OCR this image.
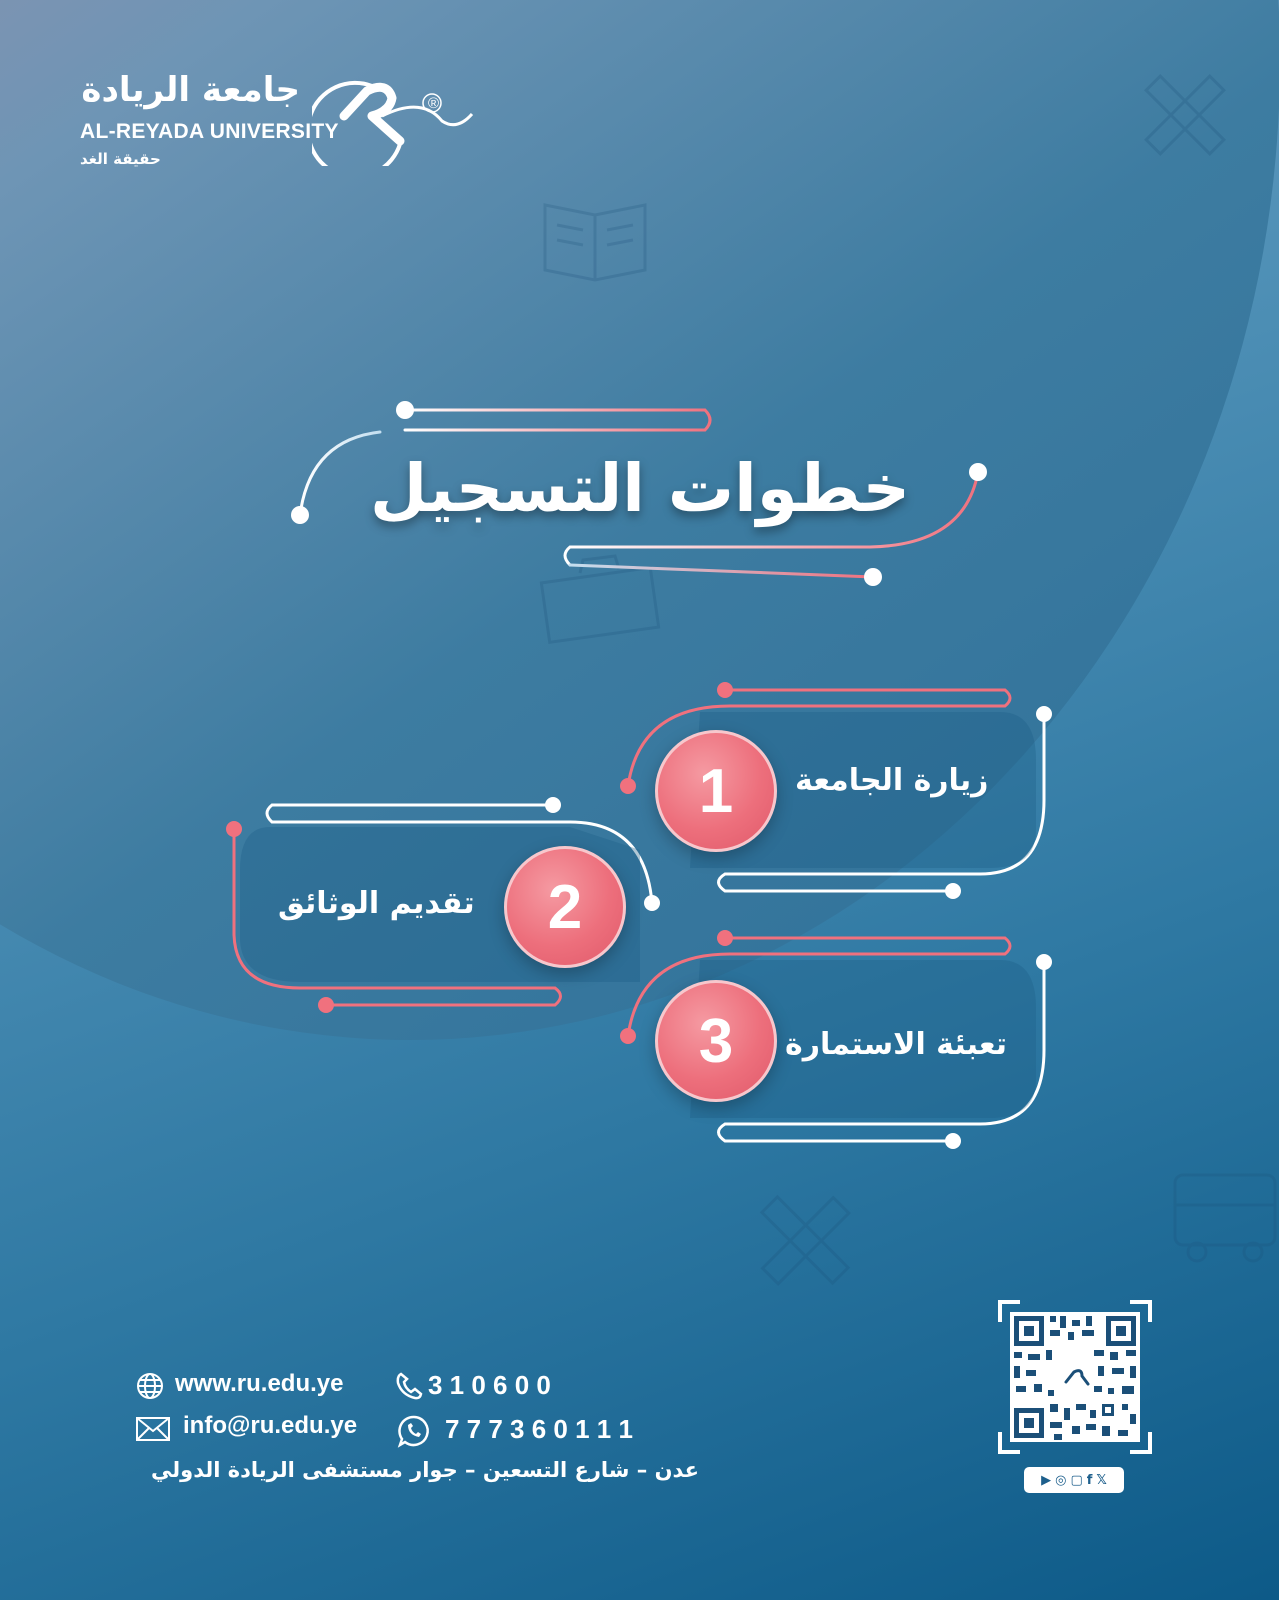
جامعة الريادة
AL-REYADA UNIVERSITY
حقيقة الغد
®
خطوات التسجيل
1 زيارة الجامعة
2
تقديم الوثائق
3 تعبئة الاستمارة
www.ru.edu.ye
info@ru.edu.ye
3 1 0 6 0 0
7 7 7 3 6 0 1 1 1
عدن – شارع التسعين – جوار مستشفى الريادة الدولي	▶ ◎ ▢ f 𝕏
